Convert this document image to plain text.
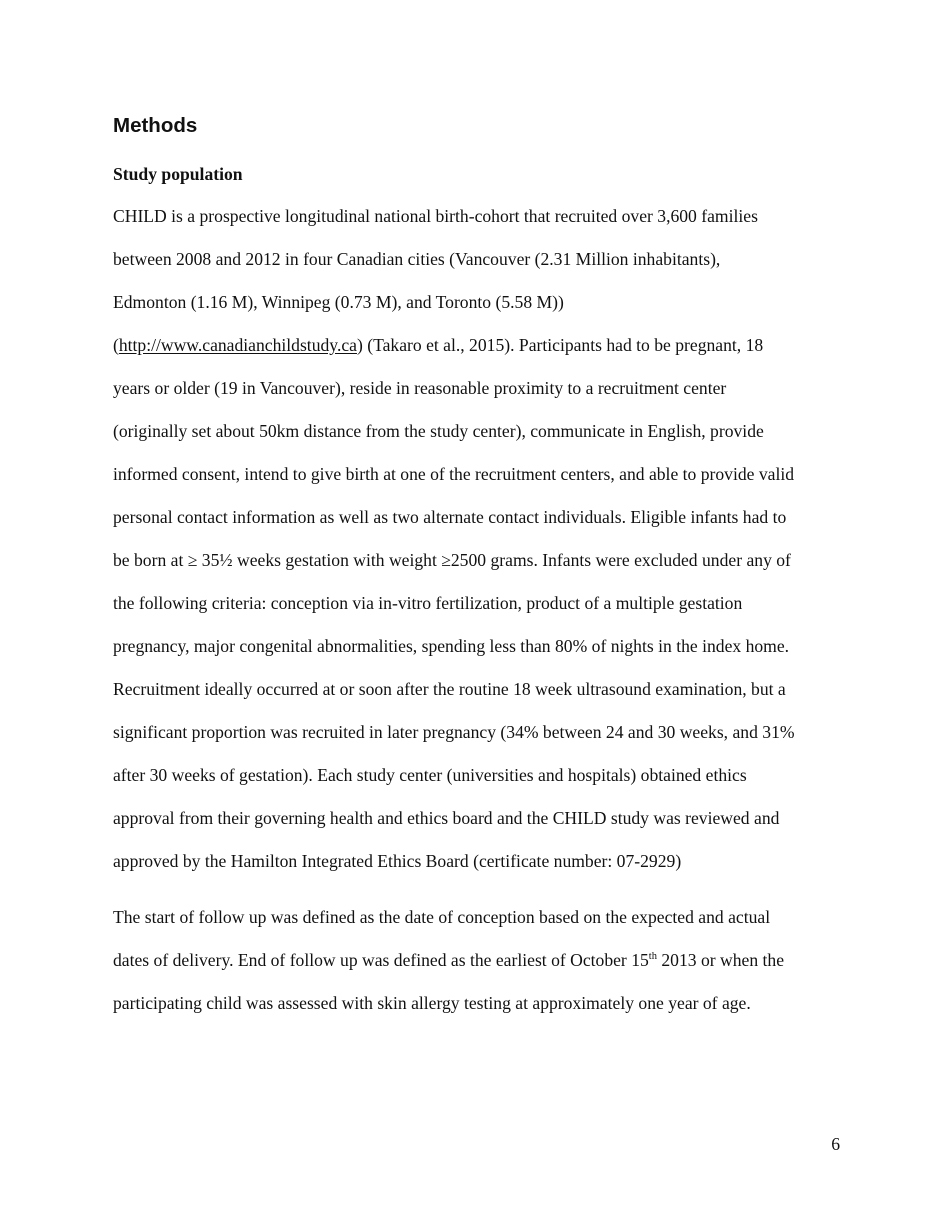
Methods
Study population
CHILD is a prospective longitudinal national birth-cohort that recruited over 3,600 families
between 2008 and 2012 in four Canadian cities (Vancouver (2.31 Million inhabitants),
Edmonton (1.16 M), Winnipeg (0.73 M), and Toronto (5.58 M))
(http://www.canadianchildstudy.ca) (Takaro et al., 2015). Participants had to be pregnant, 18
years or older (19 in Vancouver), reside in reasonable proximity to a recruitment center
(originally set about 50km distance from the study center), communicate in English, provide
informed consent, intend to give birth at one of the recruitment centers, and able to provide valid
personal contact information as well as two alternate contact individuals. Eligible infants had to
be born at ≥ 35½ weeks gestation with weight ≥2500 grams. Infants were excluded under any of
the following criteria: conception via in-vitro fertilization, product of a multiple gestation
pregnancy, major congenital abnormalities, spending less than 80% of nights in the index home.
Recruitment ideally occurred at or soon after the routine 18 week ultrasound examination, but a
significant proportion was recruited in later pregnancy (34% between 24 and 30 weeks, and 31%
after 30 weeks of gestation). Each study center (universities and hospitals) obtained ethics
approval from their governing health and ethics board and the CHILD study was reviewed and
approved by the Hamilton Integrated Ethics Board (certificate number: 07-2929)
The start of follow up was defined as the date of conception based on the expected and actual
dates of delivery. End of follow up was defined as the earliest of October 15th 2013 or when the
participating child was assessed with skin allergy testing at approximately one year of age.

6
